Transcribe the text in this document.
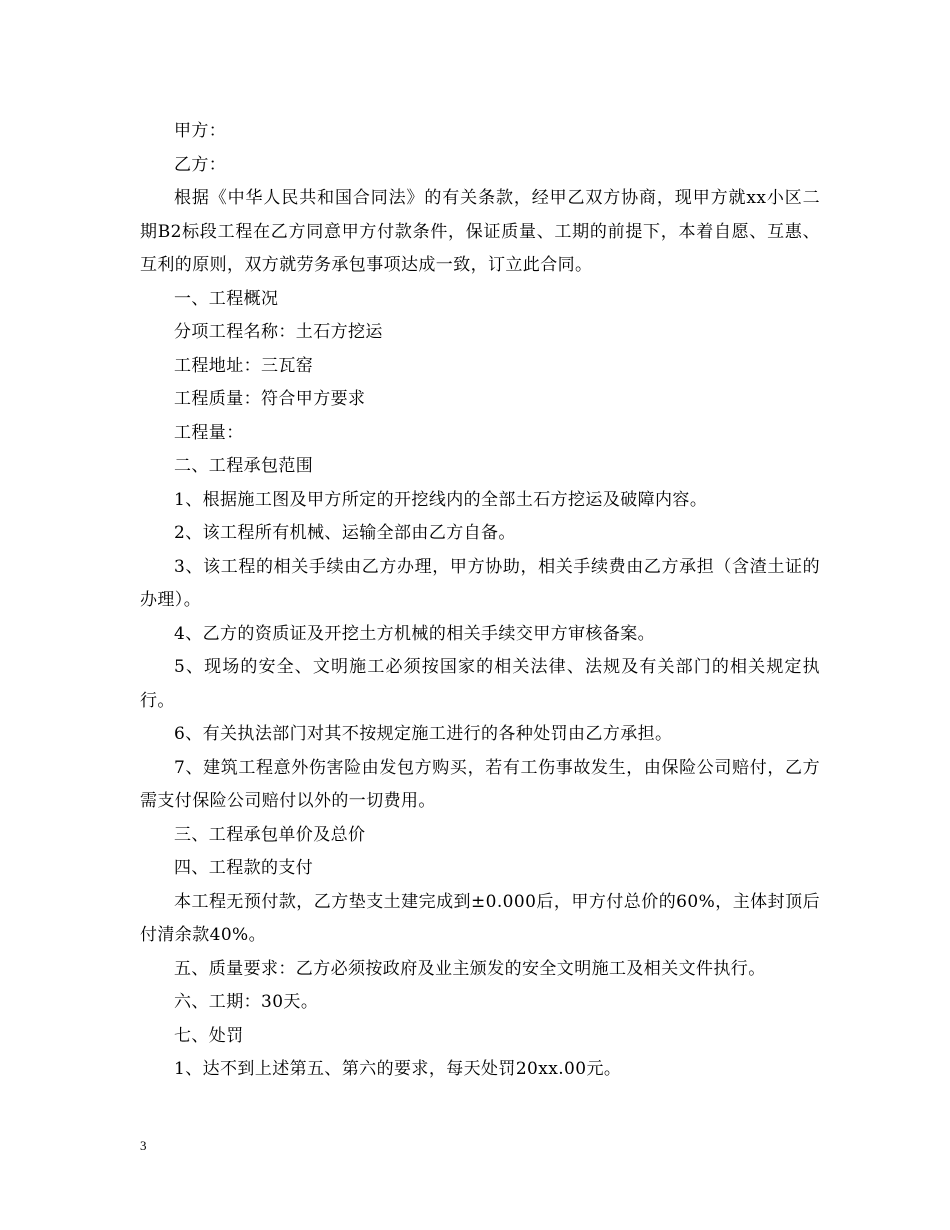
甲方：

乙方：

根据《中华人民共和国合同法》的有关条款，经甲乙双方协商，现甲方就xx小区二期B2标段工程在乙方同意甲方付款条件，保证质量、工期的前提下，本着自愿、互惠、互利的原则，双方就劳务承包事项达成一致，订立此合同。

一、工程概况

分项工程名称：土石方挖运

工程地址：三瓦窑

工程质量：符合甲方要求

工程量：

二、工程承包范围

1、根据施工图及甲方所定的开挖线内的全部土石方挖运及破障内容。

2、该工程所有机械、运输全部由乙方自备。

3、该工程的相关手续由乙方办理，甲方协助，相关手续费由乙方承担（含渣土证的办理）。

4、乙方的资质证及开挖土方机械的相关手续交甲方审核备案。

5、现场的安全、文明施工必须按国家的相关法律、法规及有关部门的相关规定执行。

6、有关执法部门对其不按规定施工进行的各种处罚由乙方承担。

7、建筑工程意外伤害险由发包方购买，若有工伤事故发生，由保险公司赔付，乙方需支付保险公司赔付以外的一切费用。

三、工程承包单价及总价

四、工程款的支付

本工程无预付款，乙方垫支土建完成到±0.000后，甲方付总价的60%，主体封顶后付清余款40%。

五、质量要求：乙方必须按政府及业主颁发的安全文明施工及相关文件执行。

六、工期：30天。

七、处罚

1、达不到上述第五、第六的要求，每天处罚20xx.00元。

3
